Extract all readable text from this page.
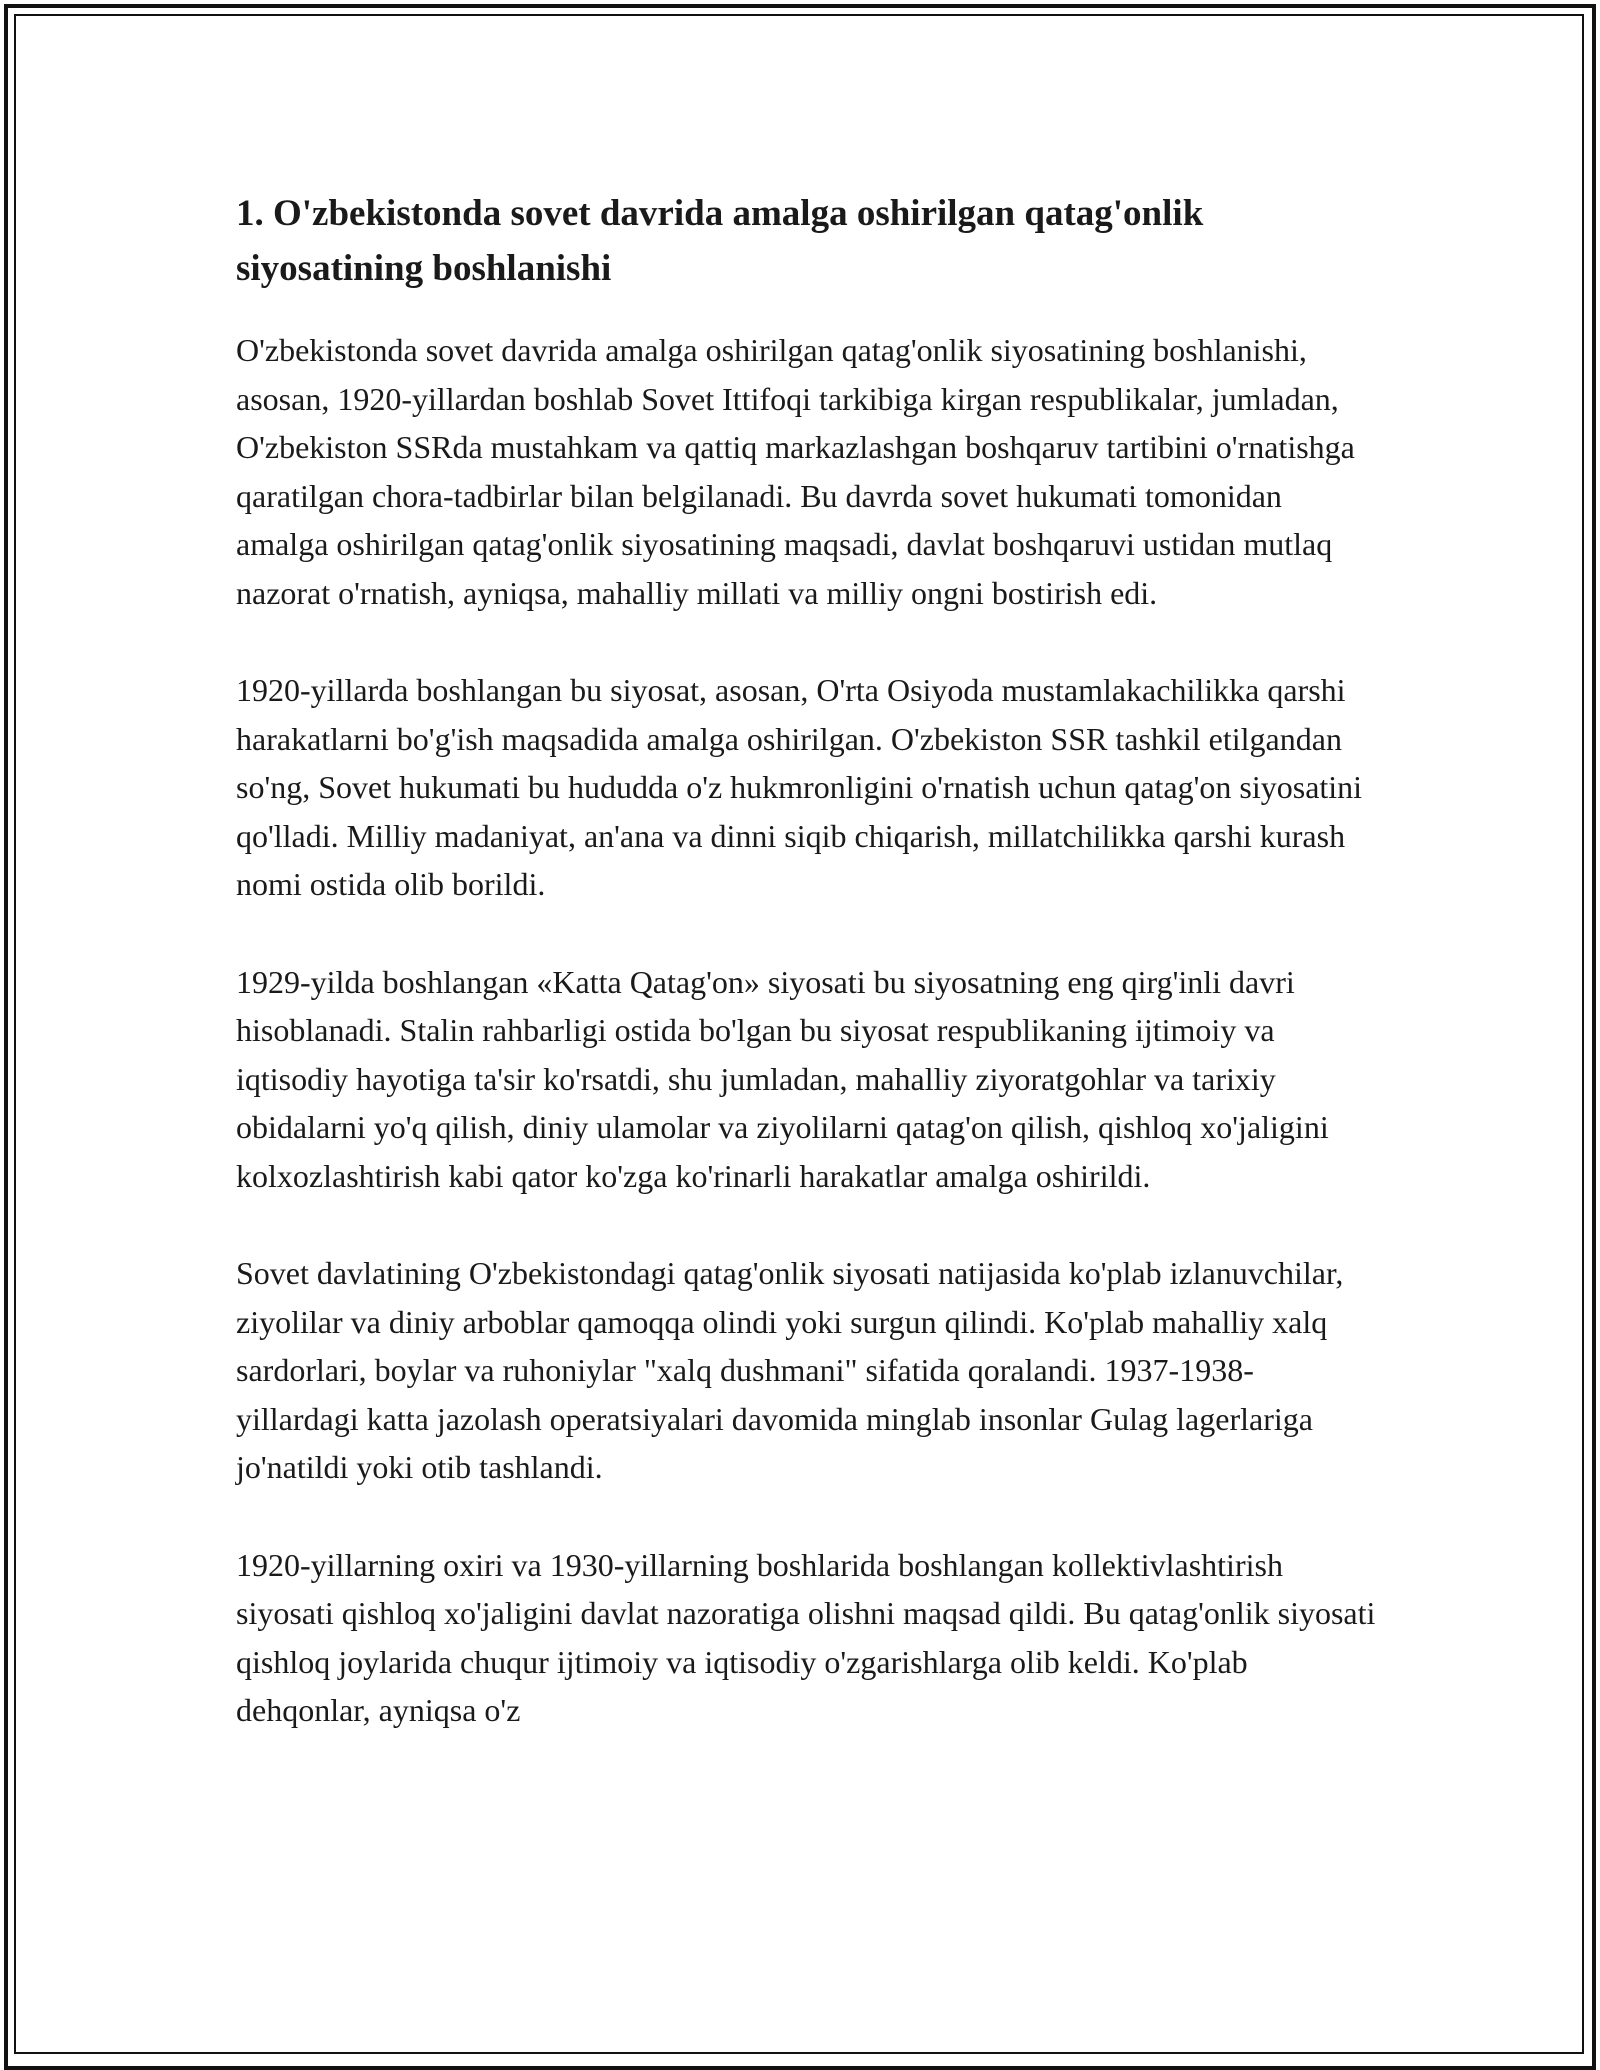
1. O'zbekistonda sovet davrida amalga oshirilgan qatag'onlik siyosatining boshlanishi

O'zbekistonda sovet davrida amalga oshirilgan qatag'onlik siyosatining boshlanishi, asosan, 1920-yillardan boshlab Sovet Ittifoqi tarkibiga kirgan respublikalar, jumladan, O'zbekiston SSRda mustahkam va qattiq markazlashgan boshqaruv tartibini o'rnatishga qaratilgan chora-tadbirlar bilan belgilanadi. Bu davrda sovet hukumati tomonidan amalga oshirilgan qatag'onlik siyosatining maqsadi, davlat boshqaruvi ustidan mutlaq nazorat o'rnatish, ayniqsa, mahalliy millati va milliy ongni bostirish edi.

1920-yillarda boshlangan bu siyosat, asosan, O'rta Osiyoda mustamlakachilikka qarshi harakatlarni bo'g'ish maqsadida amalga oshirilgan. O'zbekiston SSR tashkil etilgandan so'ng, Sovet hukumati bu hududda o'z hukmronligini o'rnatish uchun qatag'on siyosatini qo'lladi. Milliy madaniyat, an'ana va dinni siqib chiqarish, millatchilikka qarshi kurash nomi ostida olib borildi.

1929-yilda boshlangan «Katta Qatag'on» siyosati bu siyosatning eng qirg'inli davri hisoblanadi. Stalin rahbarligi ostida bo'lgan bu siyosat respublikaning ijtimoiy va iqtisodiy hayotiga ta'sir ko'rsatdi, shu jumladan, mahalliy ziyoratgohlar va tarixiy obidalarni yo'q qilish, diniy ulamolar va ziyolilarni qatag'on qilish, qishloq xo'jaligini kolxozlashtirish kabi qator ko'zga ko'rinarli harakatlar amalga oshirildi.

Sovet davlatining O'zbekistondagi qatag'onlik siyosati natijasida ko'plab izlanuvchilar, ziyolilar va diniy arboblar qamoqqa olindi yoki surgun qilindi. Ko'plab mahalliy xalq sardorlari, boylar va ruhoniylar "xalq dushmani" sifatida qoralandi. 1937-1938-yillardagi katta jazolash operatsiyalari davomida minglab insonlar Gulag lagerlariga jo'natildi yoki otib tashlandi.

1920-yillarning oxiri va 1930-yillarning boshlarida boshlangan kollektivlashtirish siyosati qishloq xo'jaligini davlat nazoratiga olishni maqsad qildi. Bu qatag'onlik siyosati qishloq joylarida chuqur ijtimoiy va iqtisodiy o'zgarishlarga olib keldi. Ko'plab dehqonlar, ayniqsa o'z
